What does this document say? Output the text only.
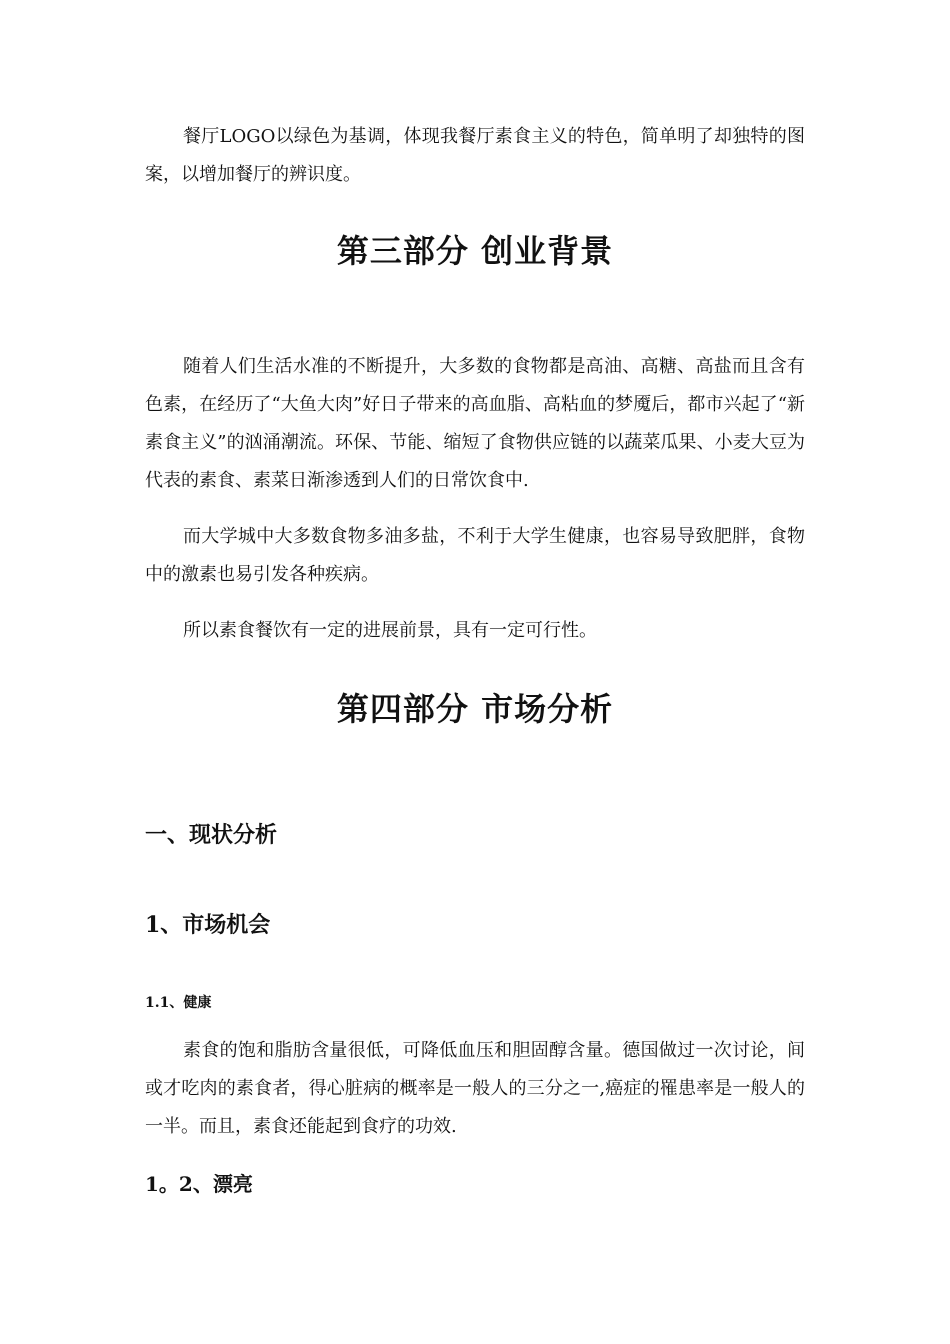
餐厅LOGO以绿色为基调，体现我餐厅素食主义的特色，简单明了却独特的图案，以增加餐厅的辨识度。

第三部分 创业背景

随着人们生活水准的不断提升，大多数的食物都是高油、高糖、高盐而且含有色素，在经历了“大鱼大肉”好日子带来的高血脂、高粘血的梦魇后，都市兴起了“新素食主义”的汹涌潮流。环保、节能、缩短了食物供应链的以蔬菜瓜果、小麦大豆为代表的素食、素菜日渐渗透到人们的日常饮食中.

而大学城中大多数食物多油多盐，不利于大学生健康，也容易导致肥胖，食物中的激素也易引发各种疾病。

所以素食餐饮有一定的进展前景，具有一定可行性。

第四部分 市场分析
一、现状分析
1、市场机会
1.1、健康

素食的饱和脂肪含量很低，可降低血压和胆固醇含量。德国做过一次讨论，间或才吃肉的素食者，得心脏病的概率是一般人的三分之一,癌症的罹患率是一般人的一半。而且，素食还能起到食疗的功效.

1。2、漂亮
